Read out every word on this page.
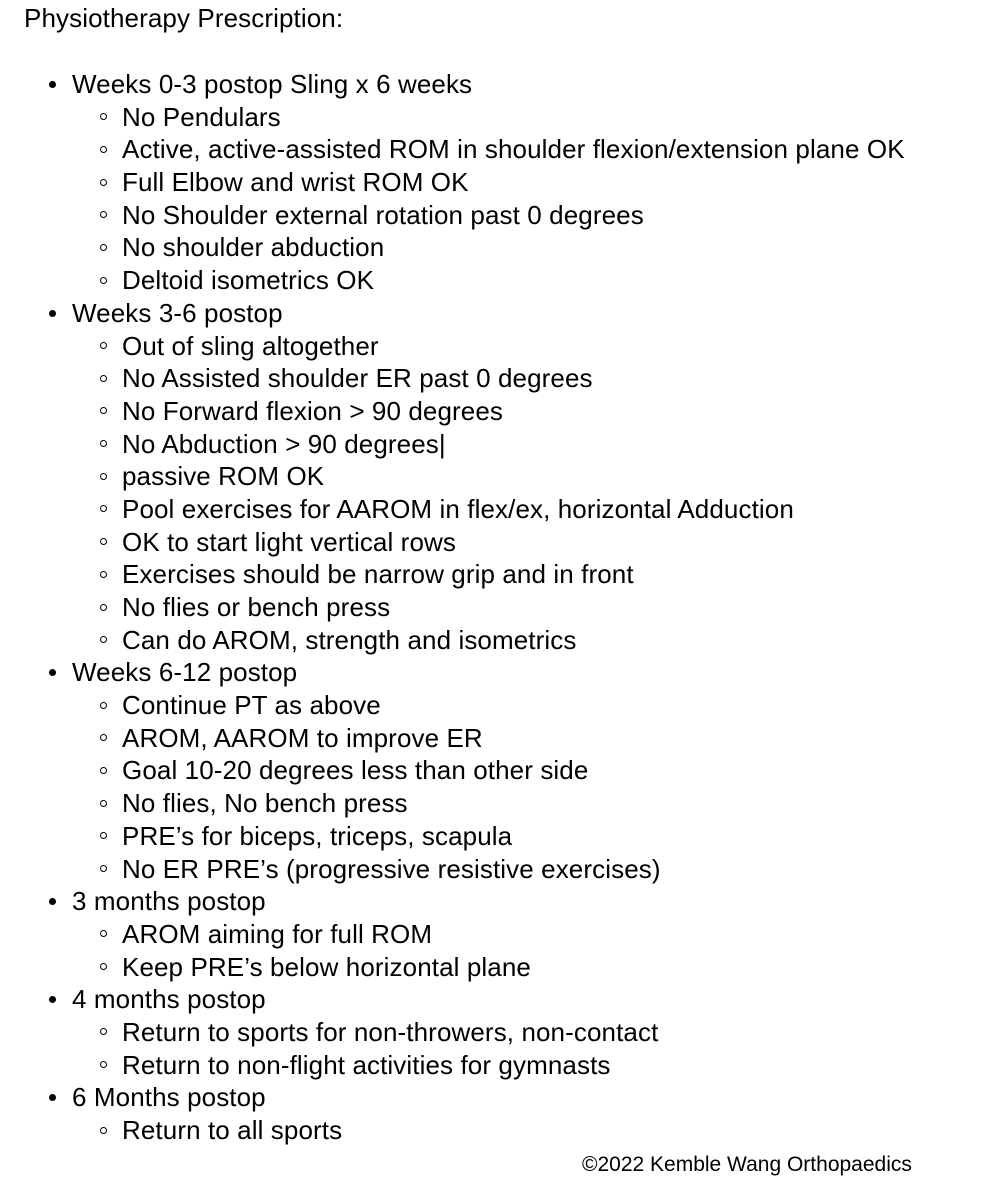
Physiotherapy Prescription:
Weeks 0-3 postop Sling x 6 weeks
No Pendulars
Active, active-assisted ROM in shoulder flexion/extension plane OK
Full Elbow and wrist ROM OK
No Shoulder external rotation past 0 degrees
No shoulder abduction
Deltoid isometrics OK
Weeks 3-6 postop
Out of sling altogether
No Assisted shoulder ER past 0 degrees
No Forward flexion > 90 degrees
No Abduction > 90 degrees|
passive ROM OK
Pool exercises for AAROM in flex/ex, horizontal Adduction
OK to start light vertical rows
Exercises should be narrow grip and in front
No flies or bench press
Can do AROM, strength and isometrics
Weeks 6-12 postop
Continue PT as above
AROM, AAROM to improve ER
Goal 10-20 degrees less than other side
No flies, No bench press
PRE’s for biceps, triceps, scapula
No ER PRE’s (progressive resistive exercises)
3 months postop
AROM aiming for full ROM
Keep PRE’s below horizontal plane
4 months postop
Return to sports for non-throwers, non-contact
Return to non-flight activities for gymnasts
6 Months postop
Return to all sports
©2022 Kemble Wang Orthopaedics
